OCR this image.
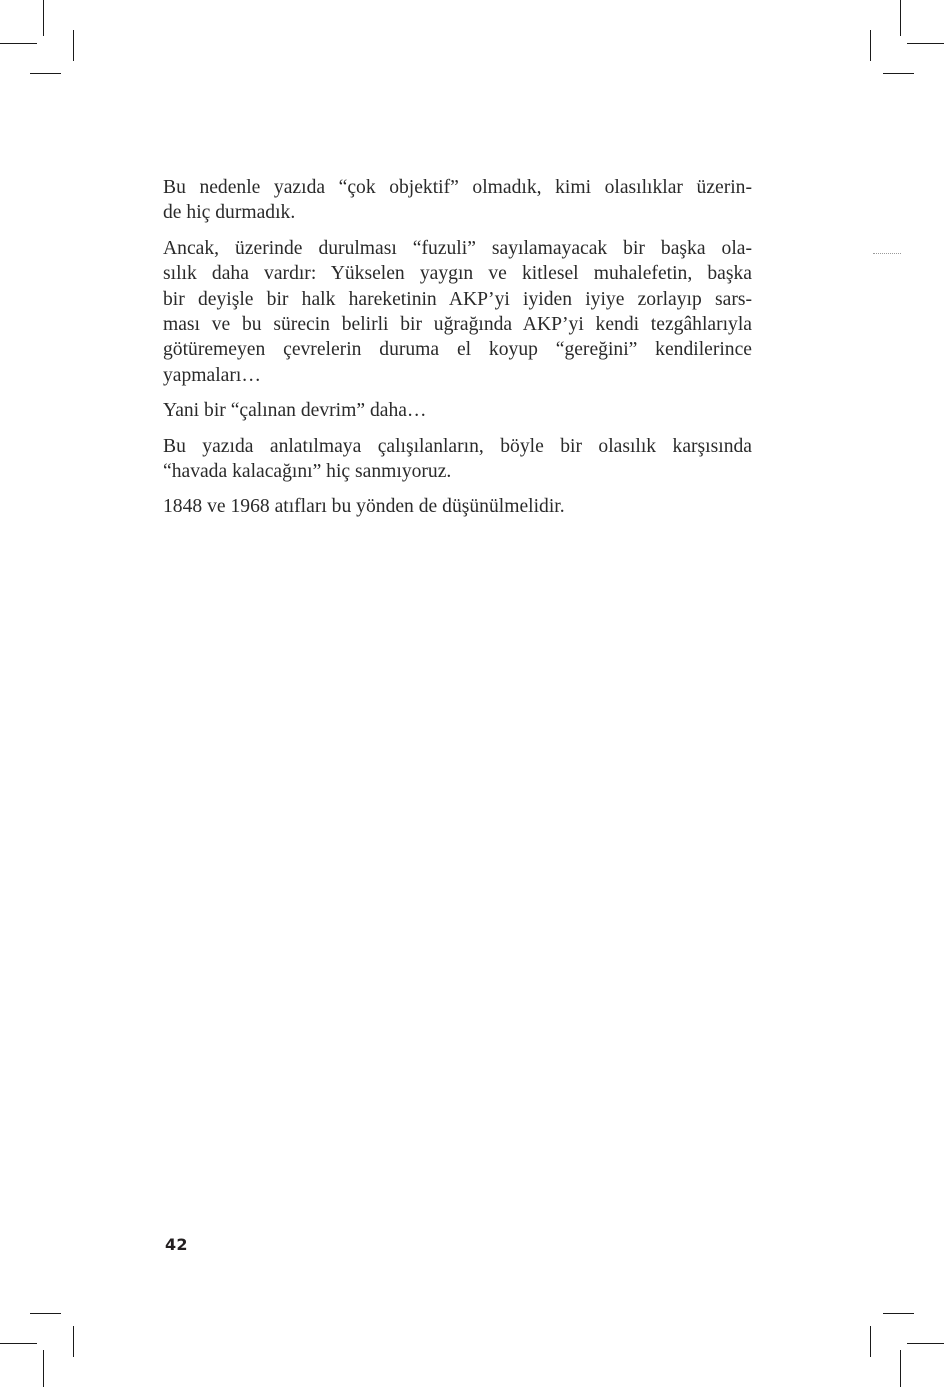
Bu nedenle yazıda “çok objektif” olmadık, kimi olasılıklar üzerin-
de hiç durmadık.

Ancak, üzerinde durulması “fuzuli” sayılamayacak bir başka ola-
sılık daha vardır: Yükselen yaygın ve kitlesel muhalefetin, başka
bir deyişle bir halk hareketinin AKP’yi iyiden iyiye zorlayıp sars-
ması ve bu sürecin belirli bir uğrağında AKP’yi kendi tezgâhlarıyla
götüremeyen çevrelerin duruma el koyup “gereğini” kendilerince
yapmaları…

Yani bir “çalınan devrim” daha…

Bu yazıda anlatılmaya çalışılanların, böyle bir olasılık karşısında
“havada kalacağını” hiç sanmıyoruz.

1848 ve 1968 atıfları bu yönden de düşünülmelidir.

42
